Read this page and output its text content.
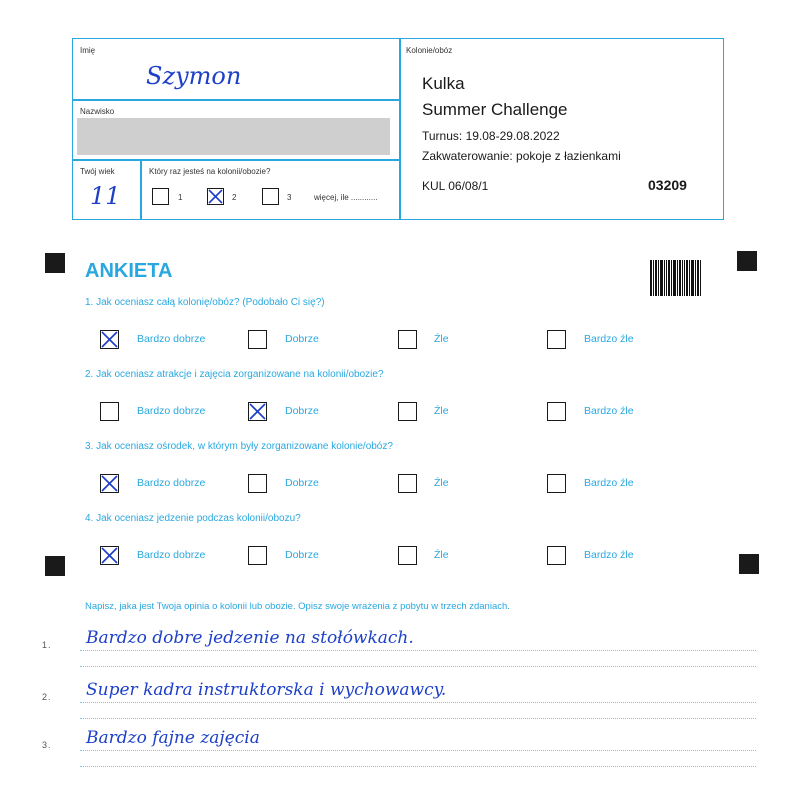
Imię
Szymon
Nazwisko
Twój wiek
11
Który raz jesteś na kolonii/obozie?
1	2	3	więcej, ile ............
Kolonie/obóz
Kulka
Summer Challenge
Turnus: 19.08-29.08.2022
Zakwaterowanie: pokoje z łazienkami
KUL 06/08/1	03209
ANKIETA
1. Jak oceniasz całą kolonię/obóz? (Podobało Ci się?)
Bardzo dobrze	Dobrze	Źle	Bardzo źle
2. Jak oceniasz atrakcje i zajęcia zorganizowane na kolonii/obozie?
Bardzo dobrze	Dobrze	Źle	Bardzo źle
3. Jak oceniasz ośrodek, w którym były zorganizowane kolonie/obóz?
Bardzo dobrze	Dobrze	Źle	Bardzo źle
4. Jak oceniasz jedzenie podczas kolonii/obozu?
Bardzo dobrze	Dobrze	Źle	Bardzo źle
Napisz, jaka jest Twoja opinia o kolonii lub obozie. Opisz swoje wrażenia z pobytu w trzech zdaniach.
1. Bardzo dobre jedzenie na stołówkach.
2. Super kadra instruktorska i wychowawcy.
3. Bardzo fajne zajęcia
